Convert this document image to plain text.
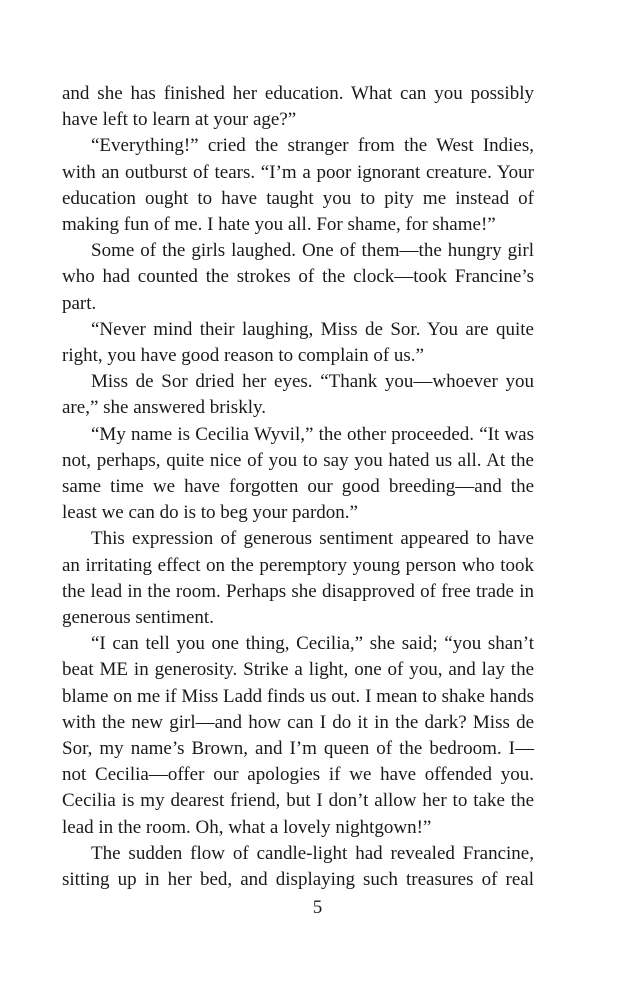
and she has finished her education. What can you possibly have left to learn at your age?”

“Everything!” cried the stranger from the West Indies, with an outburst of tears. “I’m a poor ignorant creature. Your education ought to have taught you to pity me instead of making fun of me. I hate you all. For shame, for shame!”

Some of the girls laughed. One of them—the hungry girl who had counted the strokes of the clock—took Francine’s part.

“Never mind their laughing, Miss de Sor. You are quite right, you have good reason to complain of us.”

Miss de Sor dried her eyes. “Thank you—whoever you are,” she answered briskly.

“My name is Cecilia Wyvil,” the other proceeded. “It was not, perhaps, quite nice of you to say you hated us all. At the same time we have forgotten our good breeding—and the least we can do is to beg your pardon.”

This expression of generous sentiment appeared to have an irritating effect on the peremptory young person who took the lead in the room. Perhaps she disapproved of free trade in generous sentiment.

“I can tell you one thing, Cecilia,” she said; “you shan’t beat ME in generosity. Strike a light, one of you, and lay the blame on me if Miss Ladd finds us out. I mean to shake hands with the new girl—and how can I do it in the dark? Miss de Sor, my name’s Brown, and I’m queen of the bedroom. I—not Cecilia—offer our apologies if we have offended you. Cecilia is my dearest friend, but I don’t allow her to take the lead in the room. Oh, what a lovely nightgown!”

The sudden flow of candle-light had revealed Francine, sitting up in her bed, and displaying such treasures of real

5
